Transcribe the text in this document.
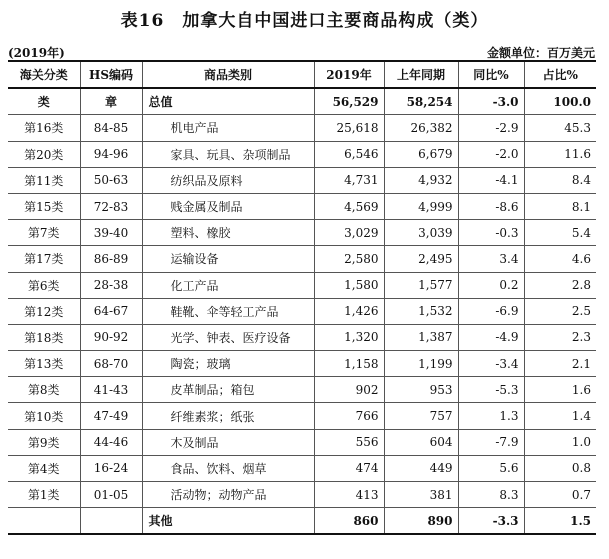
表16　加拿大自中国进口主要商品构成（类）
(2019年)	金额单位：百万美元
海关分类	HS编码	商品类别	2019年	上年同期	同比%	占比%
类	章	总值	56,529	58,254	-3.0	100.0
第16类	84-85	机电产品	25,618	26,382	-2.9	45.3
第20类	94-96	家具、玩具、杂项制品	6,546	6,679	-2.0	11.6
第11类	50-63	纺织品及原料	4,731	4,932	-4.1	8.4
第15类	72-83	贱金属及制品	4,569	4,999	-8.6	8.1
第7类	39-40	塑料、橡胶	3,029	3,039	-0.3	5.4
第17类	86-89	运输设备	2,580	2,495	3.4	4.6
第6类	28-38	化工产品	1,580	1,577	0.2	2.8
第12类	64-67	鞋靴、伞等轻工产品	1,426	1,532	-6.9	2.5
第18类	90-92	光学、钟表、医疗设备	1,320	1,387	-4.9	2.3
第13类	68-70	陶瓷；玻璃	1,158	1,199	-3.4	2.1
第8类	41-43	皮革制品；箱包	902	953	-5.3	1.6
第10类	47-49	纤维素浆；纸张	766	757	1.3	1.4
第9类	44-46	木及制品	556	604	-7.9	1.0
第4类	16-24	食品、饮料、烟草	474	449	5.6	0.8
第1类	01-05	活动物；动物产品	413	381	8.3	0.7
		其他	860	890	-3.3	1.5
